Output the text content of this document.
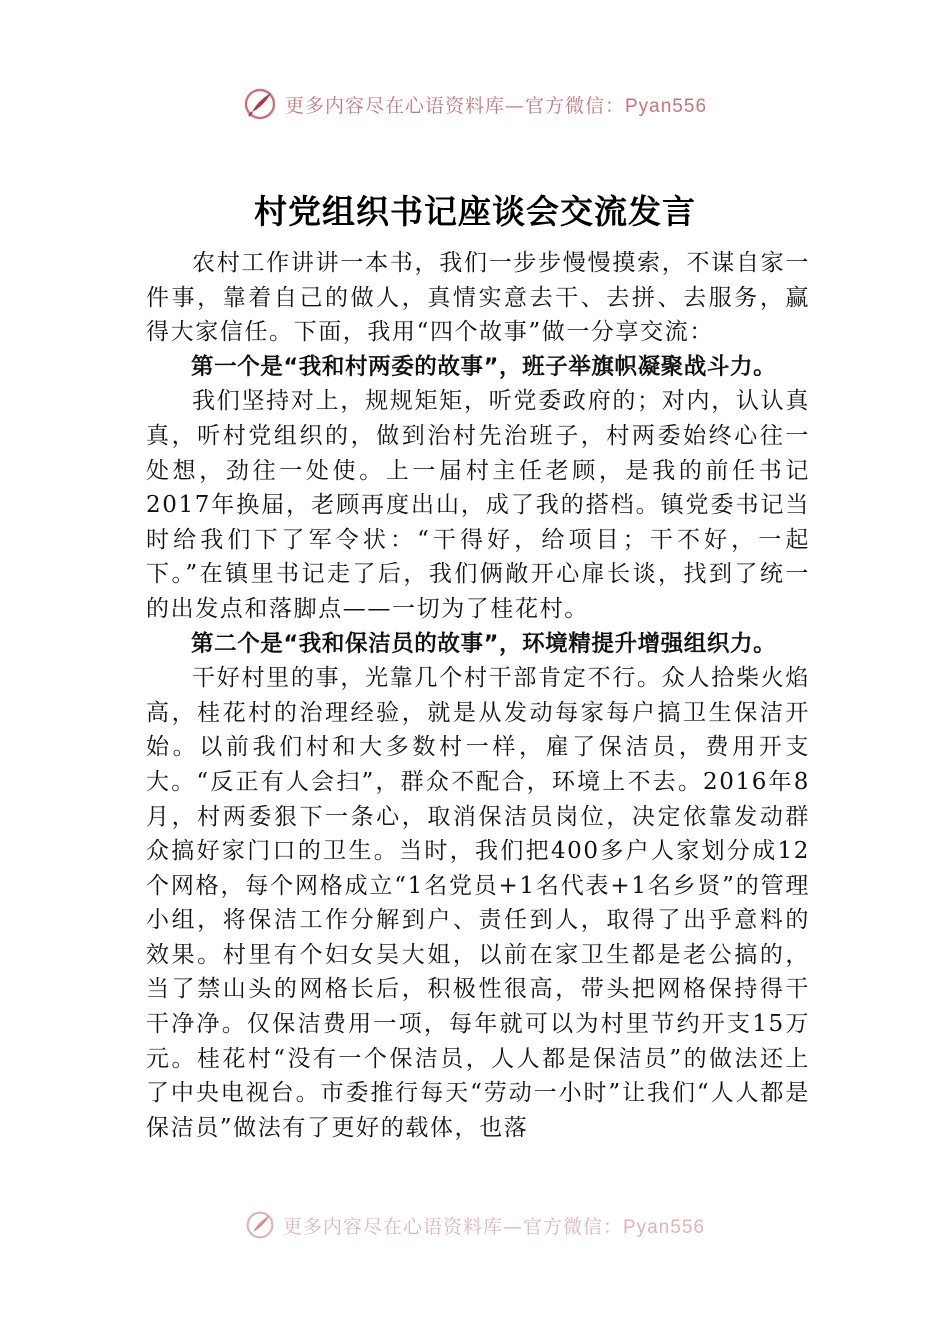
更多内容尽在心语资料库—官方微信：Pyan556
村党组织书记座谈会交流发言

农村工作讲讲一本书，我们一步步慢慢摸索，不谋自家一件事，靠着自己的做人，真情实意去干、去拼、去服务，赢得大家信任。下面，我用“四个故事”做一分享交流：

第一个是“我和村两委的故事”，班子举旗帜凝聚战斗力。

我们坚持对上，规规矩矩，听党委政府的；对内，认认真真，听村党组织的，做到治村先治班子，村两委始终心往一处想，劲往一处使。上一届村主任老顾，是我的前任书记2017年换届，老顾再度出山，成了我的搭档。镇党委书记当时给我们下了军令状：“干得好，给项目；干不好，一起下。”在镇里书记走了后，我们俩敞开心扉长谈，找到了统一的出发点和落脚点——一切为了桂花村。

第二个是“我和保洁员的故事”，环境精提升增强组织力。

干好村里的事，光靠几个村干部肯定不行。众人拾柴火焰高，桂花村的治理经验，就是从发动每家每户搞卫生保洁开始。以前我们村和大多数村一样，雇了保洁员，费用开支大。“反正有人会扫”，群众不配合，环境上不去。2016年8月，村两委狠下一条心，取消保洁员岗位，决定依靠发动群众搞好家门口的卫生。当时，我们把400多户人家划分成12个网格，每个网格成立“1名党员+1名代表+1名乡贤”的管理小组，将保洁工作分解到户、责任到人，取得了出乎意料的效果。村里有个妇女吴大姐，以前在家卫生都是老公搞的，当了禁山头的网格长后，积极性很高，带头把网格保持得干干净净。仅保洁费用一项，每年就可以为村里节约开支15万元。桂花村“没有一个保洁员，人人都是保洁员”的做法还上了中央电视台。市委推行每天“劳动一小时”让我们“人人都是保洁员”做法有了更好的载体，也落

更多内容尽在心语资料库—官方微信：Pyan556
